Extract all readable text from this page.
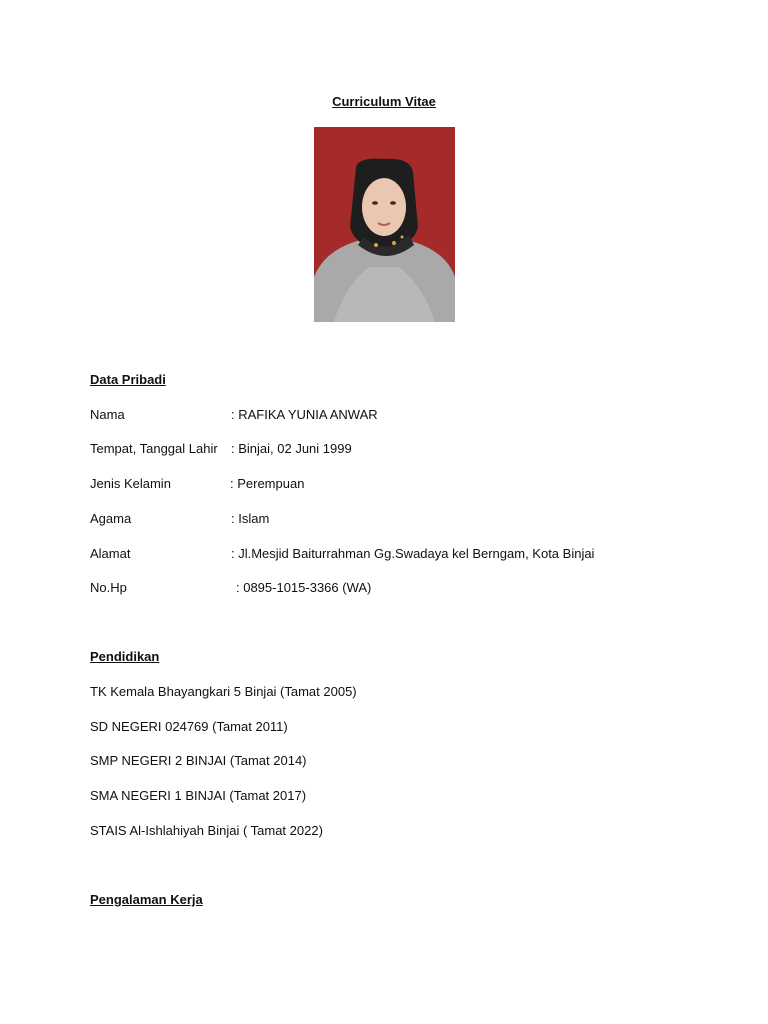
Curriculum Vitae
Data Pribadi
Nama	: RAFIKA YUNIA ANWAR
Tempat, Tanggal Lahir : Binjai, 02 Juni 1999
Jenis Kelamin	: Perempuan
Agama	: Islam
Alamat	: Jl.Mesjid Baiturrahman Gg.Swadaya kel Berngam, Kota Binjai
No.Hp	: 0895-1015-3366 (WA)
Pendidikan
TK Kemala Bhayangkari 5 Binjai (Tamat 2005)
SD NEGERI 024769 (Tamat 2011)
SMP NEGERI 2 BINJAI (Tamat 2014)
SMA NEGERI 1 BINJAI (Tamat 2017)
STAIS Al-Ishlahiyah Binjai ( Tamat 2022)
Pengalaman Kerja
